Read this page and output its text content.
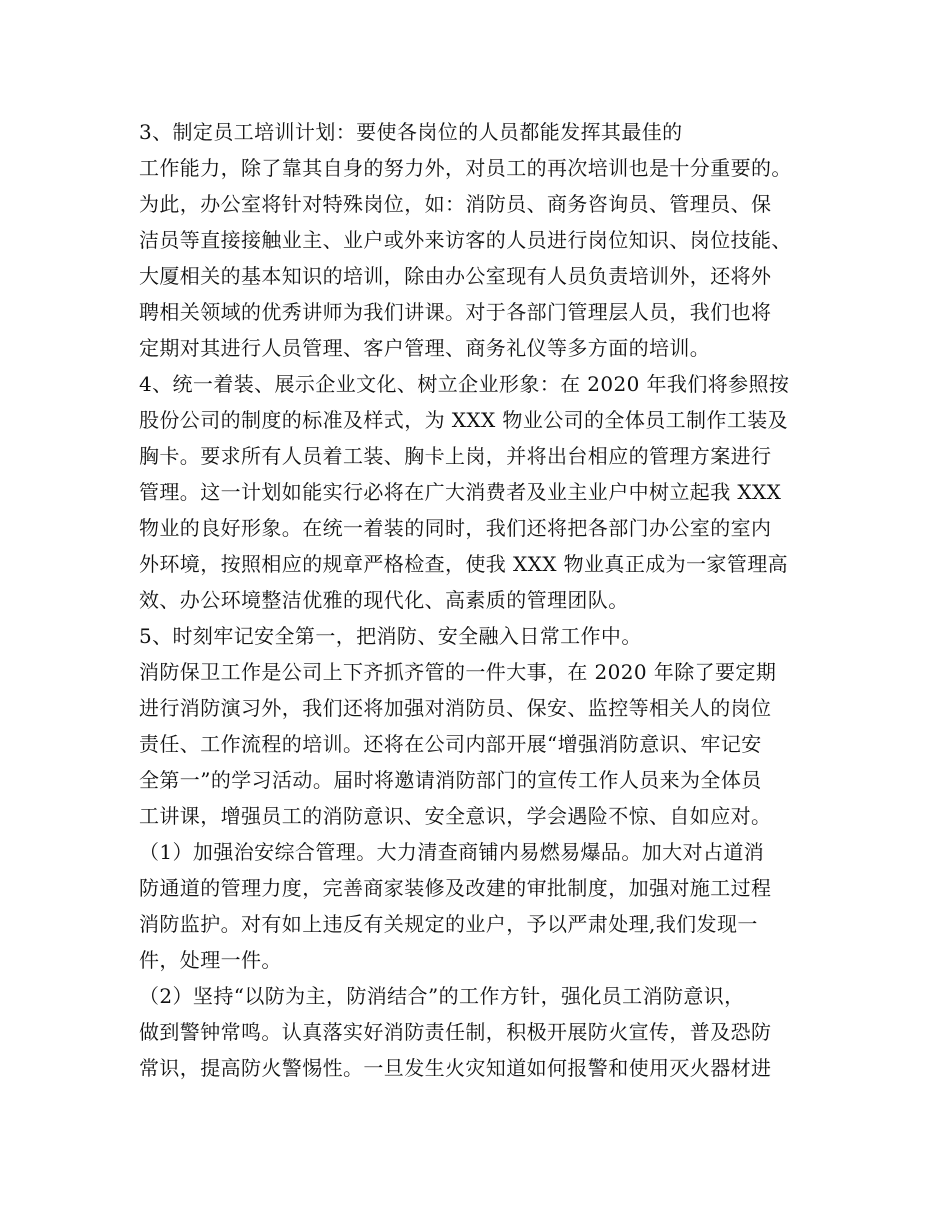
3、制定员工培训计划：要使各岗位的人员都能发挥其最佳的
工作能力，除了靠其自身的努力外，对员工的再次培训也是十分重要的。
为此，办公室将针对特殊岗位，如：消防员、商务咨询员、管理员、保
洁员等直接接触业主、业户或外来访客的人员进行岗位知识、岗位技能、
大厦相关的基本知识的培训，除由办公室现有人员负责培训外，还将外
聘相关领域的优秀讲师为我们讲课。对于各部门管理层人员，我们也将
定期对其进行人员管理、客户管理、商务礼仪等多方面的培训。
4、统一着装、展示企业文化、树立企业形象：在 2020 年我们将参照按
股份公司的制度的标准及样式，为 XXX 物业公司的全体员工制作工装及
胸卡。要求所有人员着工装、胸卡上岗，并将出台相应的管理方案进行
管理。这一计划如能实行必将在广大消费者及业主业户中树立起我 XXX
物业的良好形象。在统一着装的同时，我们还将把各部门办公室的室内
外环境，按照相应的规章严格检查，使我 XXX 物业真正成为一家管理高
效、办公环境整洁优雅的现代化、高素质的管理团队。
5、时刻牢记安全第一，把消防、安全融入日常工作中。
消防保卫工作是公司上下齐抓齐管的一件大事，在 2020 年除了要定期
进行消防演习外，我们还将加强对消防员、保安、监控等相关人的岗位
责任、工作流程的培训。还将在公司内部开展“增强消防意识、牢记安
全第一”的学习活动。届时将邀请消防部门的宣传工作人员来为全体员
工讲课，增强员工的消防意识、安全意识，学会遇险不惊、自如应对。
（1）加强治安综合管理。大力清查商铺内易燃易爆品。加大对占道消
防通道的管理力度，完善商家装修及改建的审批制度，加强对施工过程
消防监护。对有如上违反有关规定的业户，予以严肃处理,我们发现一
件，处理一件。
（2）坚持“以防为主，防消结合”的工作方针，强化员工消防意识，
做到警钟常鸣。认真落实好消防责任制，积极开展防火宣传，普及恐防
常识，提高防火警惕性。一旦发生火灾知道如何报警和使用灭火器材进
